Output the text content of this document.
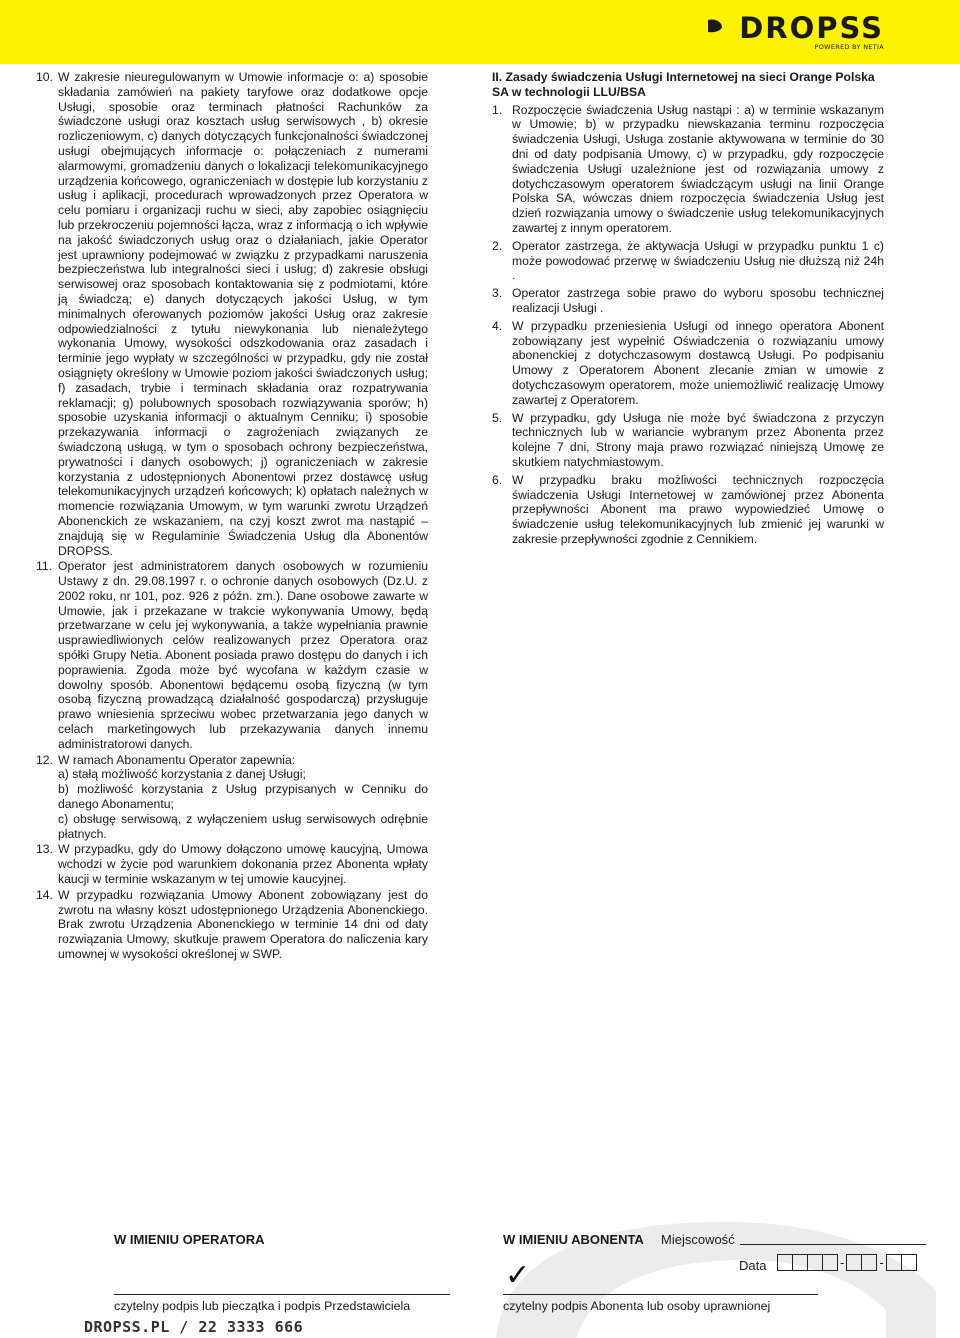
DROPSS
POWERED BY NETIA
10. W zakresie nieuregulowanym w Umowie informacje o: a) sposobie składania zamówień na pakiety taryfowe oraz dodatkowe opcje Usługi, sposobie oraz terminach płatności Rachunków za świadczone usługi oraz kosztach usług serwisowych , b) okresie rozliczeniowym, c) danych dotyczących funkcjonalności świadczonej usługi obejmujących informacje o: połączeniach z numerami alarmowymi, gromadzeniu danych o lokalizacji telekomunikacyjnego urządzenia końcowego, ograniczeniach w dostępie lub korzystaniu z usług i aplikacji, procedurach wprowadzonych przez Operatora w celu pomiaru i organizacji ruchu w sieci, aby zapobiec osiągnięciu lub przekroczeniu pojemności łącza, wraz z informacją o ich wpływie na jakość świadczonych usług oraz o działaniach, jakie Operator jest uprawniony podejmować w związku z przypadkami naruszenia bezpieczeństwa lub integralności sieci i usług; d) zakresie obsługi serwisowej oraz sposobach kontaktowania się z podmiotami, które ją świadczą; e) danych dotyczących jakości Usług, w tym minimalnych oferowanych poziomów jakości Usług oraz zakresie odpowiedzialności z tytułu niewykonania lub nienależytego wykonania Umowy, wysokości odszkodowania oraz zasadach i terminie jego wypłaty w szczególności w przypadku, gdy nie został osiągnięty określony w Umowie poziom jakości świadczonych usług; f) zasadach, trybie i terminach składania oraz rozpatrywania reklamacji; g) polubownych sposobach rozwiązywania sporów; h) sposobie uzyskania informacji o aktualnym Cenniku; i) sposobie przekazywania informacji o zagrożeniach związanych ze świadczoną usługą, w tym o sposobach ochrony bezpieczeństwa, prywatności i danych osobowych; j) ograniczeniach w zakresie korzystania z udostępnionych Abonentowi przez dostawcę usług telekomunikacyjnych urządzeń końcowych; k) opłatach należnych w momencie rozwiązania Umowym, w tym warunki zwrotu Urządzeń Abonenckich ze wskazaniem, na czyj koszt zwrot ma nastąpić – znajdują się w Regulaminie Świadczenia Usług dla Abonentów DROPSS.

11. Operator jest administratorem danych osobowych w rozumieniu Ustawy z dn. 29.08.1997 r. o ochronie danych osobowych (Dz.U. z 2002 roku, nr 101, poz. 926 z późn. zm.). Dane osobowe zawarte w Umowie, jak i przekazane w trakcie wykonywania Umowy, będą przetwarzane w celu jej wykonywania, a także wypełniania prawnie usprawiedliwionych celów realizowanych przez Operatora oraz spółki Grupy Netia. Abonent posiada prawo dostępu do danych i ich poprawienia. Zgoda może być wycofana w każdym czasie w dowolny sposób. Abonentowi będącemu osobą fizyczną (w tym osobą fizyczną prowadzącą działalność gospodarczą) przysługuje prawo wniesienia sprzeciwu wobec przetwarzania jego danych w celach marketingowych lub przekazywania danych innemu administratorowi danych.

12. W ramach Abonamentu Operator zapewnia:

a) stałą możliwość korzystania z danej Usługi;

b) możliwość korzystania z Usług przypisanych w Cenniku do danego Abonamentu;

c) obsługę serwisową, z wyłączeniem usług serwisowych odrębnie płatnych.

13. W przypadku, gdy do Umowy dołączono umowę kaucyjną, Umowa wchodzi w życie pod warunkiem dokonania przez Abonenta wpłaty kaucji w terminie wskazanym w tej umowie kaucyjnej.

14. W przypadku rozwiązania Umowy Abonent zobowiązany jest do zwrotu na własny koszt udostępnionego Urządzenia Abonenckiego. Brak zwrotu Urządzenia Abonenckiego w terminie 14 dni od daty rozwiązania Umowy, skutkuje prawem Operatora do naliczenia kary umownej w wysokości określonej w SWP.

II. Zasady świadczenia Usługi Internetowej na sieci Orange Polska SA w technologii LLU/BSA
1. Rozpoczęcie świadczenia Usług nastąpi : a) w terminie wskazanym w Umowie; b) w przypadku niewskazania terminu rozpoczęcia świadczenia Usługi, Usługa zostanie aktywowana w terminie do 30 dni od daty podpisania Umowy, c) w przypadku, gdy rozpoczęcie świadczenia Usługi uzależnione jest od rozwiązania umowy z dotychczasowym operatorem świadczącym usługi na linii Orange Polska SA, wówczas dniem rozpoczęcia świadczenia Usług jest dzień rozwiązania umowy o świadczenie usług telekomunikacyjnych zawartej z innym operatorem.
2. Operator zastrzega, że aktywacja Usługi w przypadku punktu 1 c) może powodować przerwę w świadczeniu Usług nie dłuższą niż 24h .
3. Operator zastrzega sobie prawo do wyboru sposobu technicznej realizacji Usługi .
4. W przypadku przeniesienia Usługi od innego operatora Abonent zobowiązany jest wypełnić Oświadczenia o rozwiązaniu umowy abonenckiej z dotychczasowym dostawcą Usługi. Po podpisaniu Umowy z Operatorem Abonent zlecanie zmian w umowie z dotychczasowym operatorem, może uniemożliwić realizację Umowy zawartej z Operatorem.
5. W przypadku, gdy Usługa nie może być świadczona z przyczyn technicznych lub w wariancie wybranym przez Abonenta przez kolejne 7 dni, Strony maja prawo rozwiązać niniejszą Umowę ze skutkiem natychmiastowym.
6. W przypadku braku możliwości technicznych rozpoczęcia świadczenia Usługi Internetowej w zamówionej przez Abonenta przepływności Abonent ma prawo wypowiedzieć Umowę o świadczenie usług telekomunikacyjnych lub zmienić jej warunki w zakresie przepływności zgodnie z Cennikiem.
W IMIENIU OPERATORA	W IMIENIU ABONENTA Miejscowość
Data	-	-
✓
czytelny podpis lub pieczątka i podpis Przedstawiciela	czytelny podpis Abonenta lub osoby uprawnionej
DROPSS.PL / 22 3333 666
